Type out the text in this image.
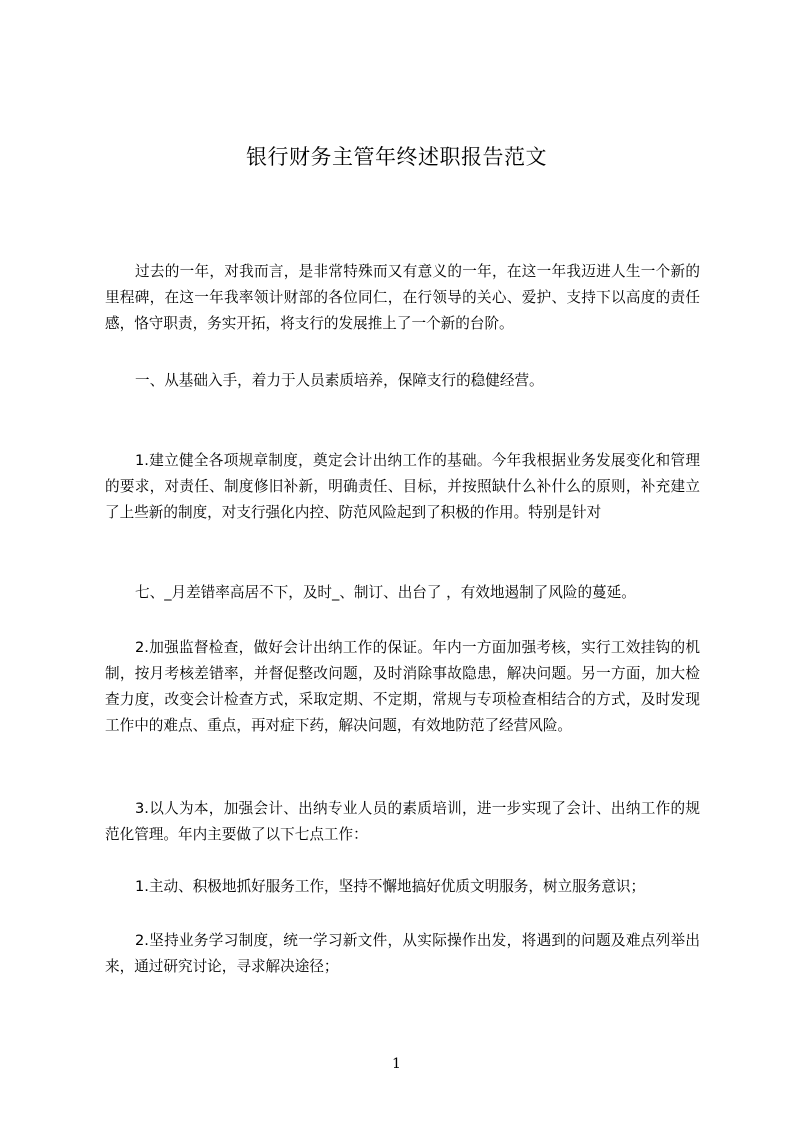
银行财务主管年终述职报告范文

过去的一年，对我而言，是非常特殊而又有意义的一年，在这一年我迈进人生一个新的里程碑，在这一年我率领计财部的各位同仁，在行领导的关心、爱护、支持下以高度的责任感，恪守职责，务实开拓，将支行的发展推上了一个新的台阶。

一、从基础入手，着力于人员素质培养，保障支行的稳健经营。

1.建立健全各项规章制度，奠定会计出纳工作的基础。今年我根据业务发展变化和管理的要求，对责任、制度修旧补新，明确责任、目标，并按照缺什么补什么的原则，补充建立了上些新的制度，对支行强化内控、防范风险起到了积极的作用。特别是针对

七、_月差错率高居不下，及时_、制订、出台了 ，有效地遏制了风险的蔓延。

2.加强监督检查，做好会计出纳工作的保证。年内一方面加强考核，实行工效挂钩的机制，按月考核差错率，并督促整改问题，及时消除事故隐患，解决问题。另一方面，加大检查力度，改变会计检查方式，采取定期、不定期，常规与专项检查相结合的方式，及时发现工作中的难点、重点，再对症下药，解决问题，有效地防范了经营风险。

3.以人为本，加强会计、出纳专业人员的素质培训，进一步实现了会计、出纳工作的规范化管理。年内主要做了以下七点工作：

1.主动、积极地抓好服务工作，坚持不懈地搞好优质文明服务，树立服务意识；

2.坚持业务学习制度，统一学习新文件，从实际操作出发，将遇到的问题及难点列举出来，通过研究讨论，寻求解决途径；

1
